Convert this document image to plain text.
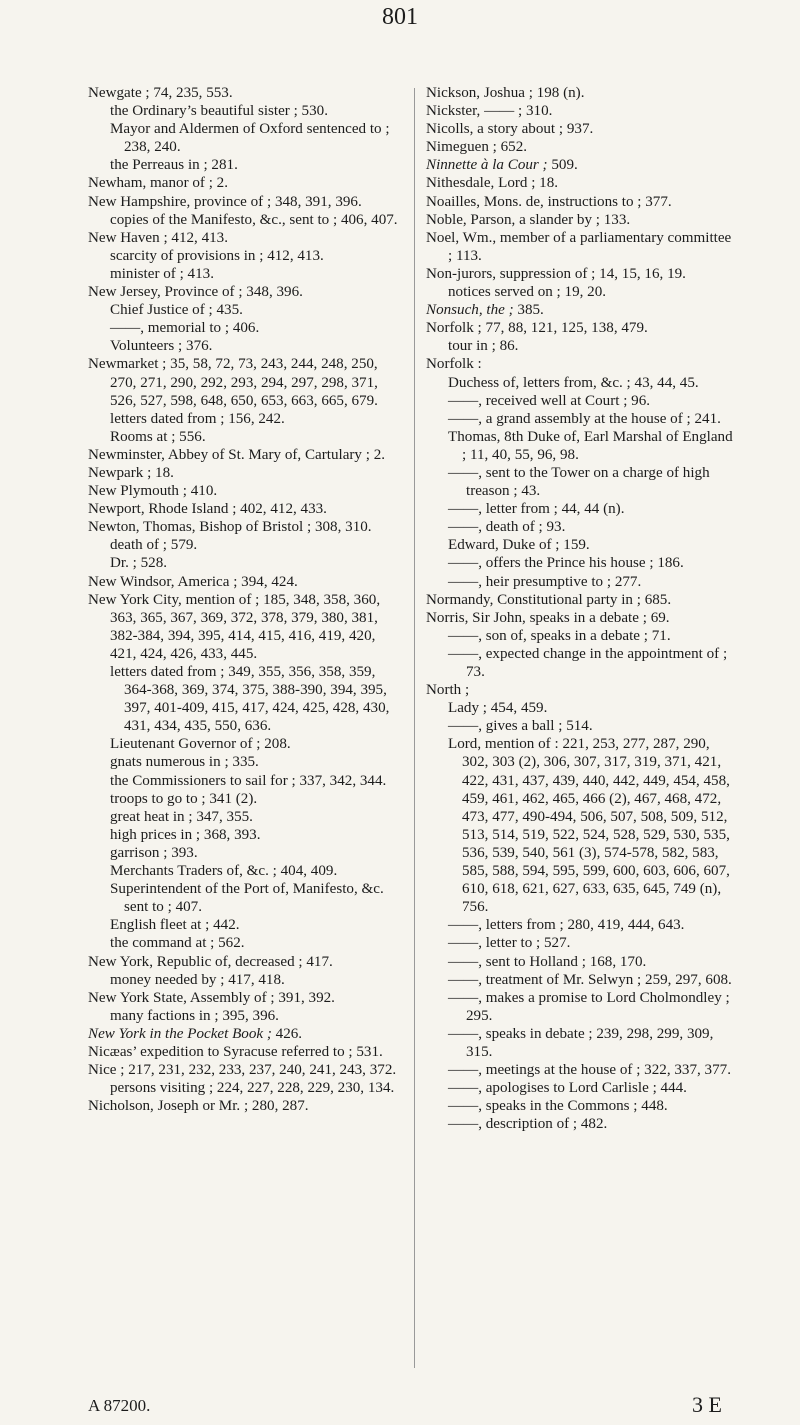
801

Newgate ; 74, 235, 553.

the Ordinary’s beautiful sister ; 530.

Mayor and Aldermen of Oxford sentenced to ; 238, 240.

the Perreaus in ; 281.

Newham, manor of ; 2.

New Hampshire, province of ; 348, 391, 396.

copies of the Manifesto, &c., sent to ; 406, 407.

New Haven ; 412, 413.

scarcity of provisions in ; 412, 413.

minister of ; 413.

New Jersey, Province of ; 348, 396.

Chief Justice of ; 435.

——, memorial to ; 406.

Volunteers ; 376.

Newmarket ; 35, 58, 72, 73, 243, 244, 248, 250, 270, 271, 290, 292, 293, 294, 297, 298, 371, 526, 527, 598, 648, 650, 653, 663, 665, 679.

letters dated from ; 156, 242.

Rooms at ; 556.

Newminster, Abbey of St. Mary of, Cartulary ; 2.

Newpark ; 18.

New Plymouth ; 410.

Newport, Rhode Island ; 402, 412, 433.

Newton, Thomas, Bishop of Bristol ; 308, 310.

death of ; 579.

Dr. ; 528.

New Windsor, America ; 394, 424.

New York City, mention of ; 185, 348, 358, 360, 363, 365, 367, 369, 372, 378, 379, 380, 381, 382-384, 394, 395, 414, 415, 416, 419, 420, 421, 424, 426, 433, 445.

letters dated from ; 349, 355, 356, 358, 359, 364-368, 369, 374, 375, 388-390, 394, 395, 397, 401-409, 415, 417, 424, 425, 428, 430, 431, 434, 435, 550, 636.

Lieutenant Governor of ; 208.

gnats numerous in ; 335.

the Commissioners to sail for ; 337, 342, 344.

troops to go to ; 341 (2).

great heat in ; 347, 355.

high prices in ; 368, 393.

garrison ; 393.

Merchants Traders of, &c. ; 404, 409.

Superintendent of the Port of, Manifesto, &c. sent to ; 407.

English fleet at ; 442.

the command at ; 562.

New York, Republic of, decreased ; 417.

money needed by ; 417, 418.

New York State, Assembly of ; 391, 392.

many factions in ; 395, 396.

New York in the Pocket Book ; 426.

Nicæas’ expedition to Syracuse referred to ; 531.

Nice ; 217, 231, 232, 233, 237, 240, 241, 243, 372.

persons visiting ; 224, 227, 228, 229, 230, 134.

Nicholson, Joseph or Mr. ; 280, 287.

Nickson, Joshua ; 198 (n).

Nickster, —— ; 310.

Nicolls, a story about ; 937.

Nimeguen ; 652.

Ninnette à la Cour ; 509.

Nithesdale, Lord ; 18.

Noailles, Mons. de, instructions to ; 377.

Noble, Parson, a slander by ; 133.

Noel, Wm., member of a parliamentary committee ; 113.

Non-jurors, suppression of ; 14, 15, 16, 19.

notices served on ; 19, 20.

Nonsuch, the ; 385.

Norfolk ; 77, 88, 121, 125, 138, 479.

tour in ; 86.

Norfolk :

Duchess of, letters from, &c. ; 43, 44, 45.

——, received well at Court ; 96.

——, a grand assembly at the house of ; 241.

Thomas, 8th Duke of, Earl Marshal of England ; 11, 40, 55, 96, 98.

——, sent to the Tower on a charge of high treason ; 43.

——, letter from ; 44, 44 (n).

——, death of ; 93.

Edward, Duke of ; 159.

——, offers the Prince his house ; 186.

——, heir presumptive to ; 277.

Normandy, Constitutional party in ; 685.

Norris, Sir John, speaks in a debate ; 69.

——, son of, speaks in a debate ; 71.

——, expected change in the appointment of ; 73.

North ;

Lady ; 454, 459.

——, gives a ball ; 514.

Lord, mention of : 221, 253, 277, 287, 290, 302, 303 (2), 306, 307, 317, 319, 371, 421, 422, 431, 437, 439, 440, 442, 449, 454, 458, 459, 461, 462, 465, 466 (2), 467, 468, 472, 473, 477, 490-494, 506, 507, 508, 509, 512, 513, 514, 519, 522, 524, 528, 529, 530, 535, 536, 539, 540, 561 (3), 574-578, 582, 583, 585, 588, 594, 595, 599, 600, 603, 606, 607, 610, 618, 621, 627, 633, 635, 645, 749 (n), 756.

——, letters from ; 280, 419, 444, 643.

——, letter to ; 527.

——, sent to Holland ; 168, 170.

——, treatment of Mr. Selwyn ; 259, 297, 608.

——, makes a promise to Lord Cholmondley ; 295.

——, speaks in debate ; 239, 298, 299, 309, 315.

——, meetings at the house of ; 322, 337, 377.

——, apologises to Lord Carlisle ; 444.

——, speaks in the Commons ; 448.

——, description of ; 482.

A 87200.	3 E
